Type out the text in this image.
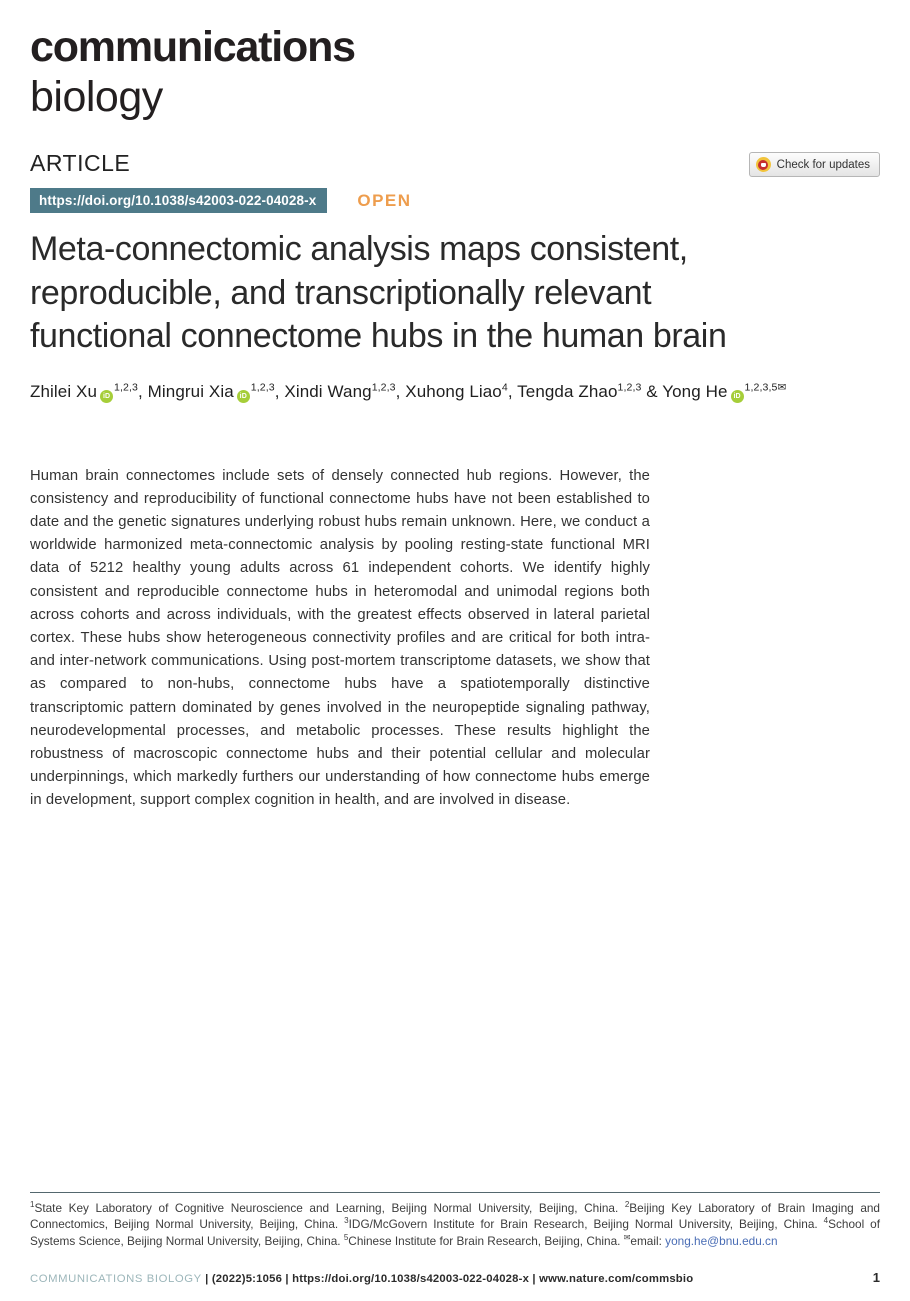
communications
biology
ARTICLE	Check for updates
https://doi.org/10.1038/s42003-022-04028-x	OPEN
Meta-connectomic analysis maps consistent,
reproducible, and transcriptionally relevant
functional connectome hubs in the human brain
Zhilei Xu iD$^{1,2,3}$, Mingrui Xia iD$^{1,2,3}$, Xindi Wang$^{1,2,3}$, Xuhong Liao$^4$, Tengda Zhao$^{1,2,3}$ & Yong He $iD^{1,2,3,5✉}$

Human brain connectomes include sets of densely connected hub regions. However, the consistency and reproducibility of functional connectome hubs have not been established to date and the genetic signatures underlying robust hubs remain unknown. Here, we conduct a worldwide harmonized meta-connectomic analysis by pooling resting-state functional MRI data of 5212 healthy young adults across 61 independent cohorts. We identify highly consistent and reproducible connectome hubs in heteromodal and unimodal regions both across cohorts and across individuals, with the greatest effects observed in lateral parietal cortex. These hubs show heterogeneous connectivity profiles and are critical for both intra- and inter-network communications. Using post-mortem transcriptome datasets, we show that as compared to non-hubs, connectome hubs have a spatiotemporally distinctive transcriptomic pattern dominated by genes involved in the neuropeptide signaling pathway, neurodevelopmental processes, and metabolic processes. These results highlight the robustness of macroscopic connectome hubs and their potential cellular and molecular underpinnings, which markedly furthers our understanding of how connectome hubs emerge in development, support complex cognition in health, and are involved in disease.

$^1$State Key Laboratory of Cognitive Neuroscience and Learning, Beijing Normal University, Beijing, China. $^2$Beijing Key Laboratory of Brain Imaging and Connectomics, Beijing Normal University, Beijing, China. $^3$IDG/McGovern Institute for Brain Research, Beijing Normal University, Beijing, China. $^4$School of Systems Science, Beijing Normal University, Beijing, China. $^5$Chinese Institute for Brain Research, Beijing, China. ✉email: yong.he@bnu.edu.cn

COMMUNICATIONS BIOLOGY | (2022)5:1056 | https://doi.org/10.1038/s42003-022-04028-x | www.nature.com/commsbio	1
